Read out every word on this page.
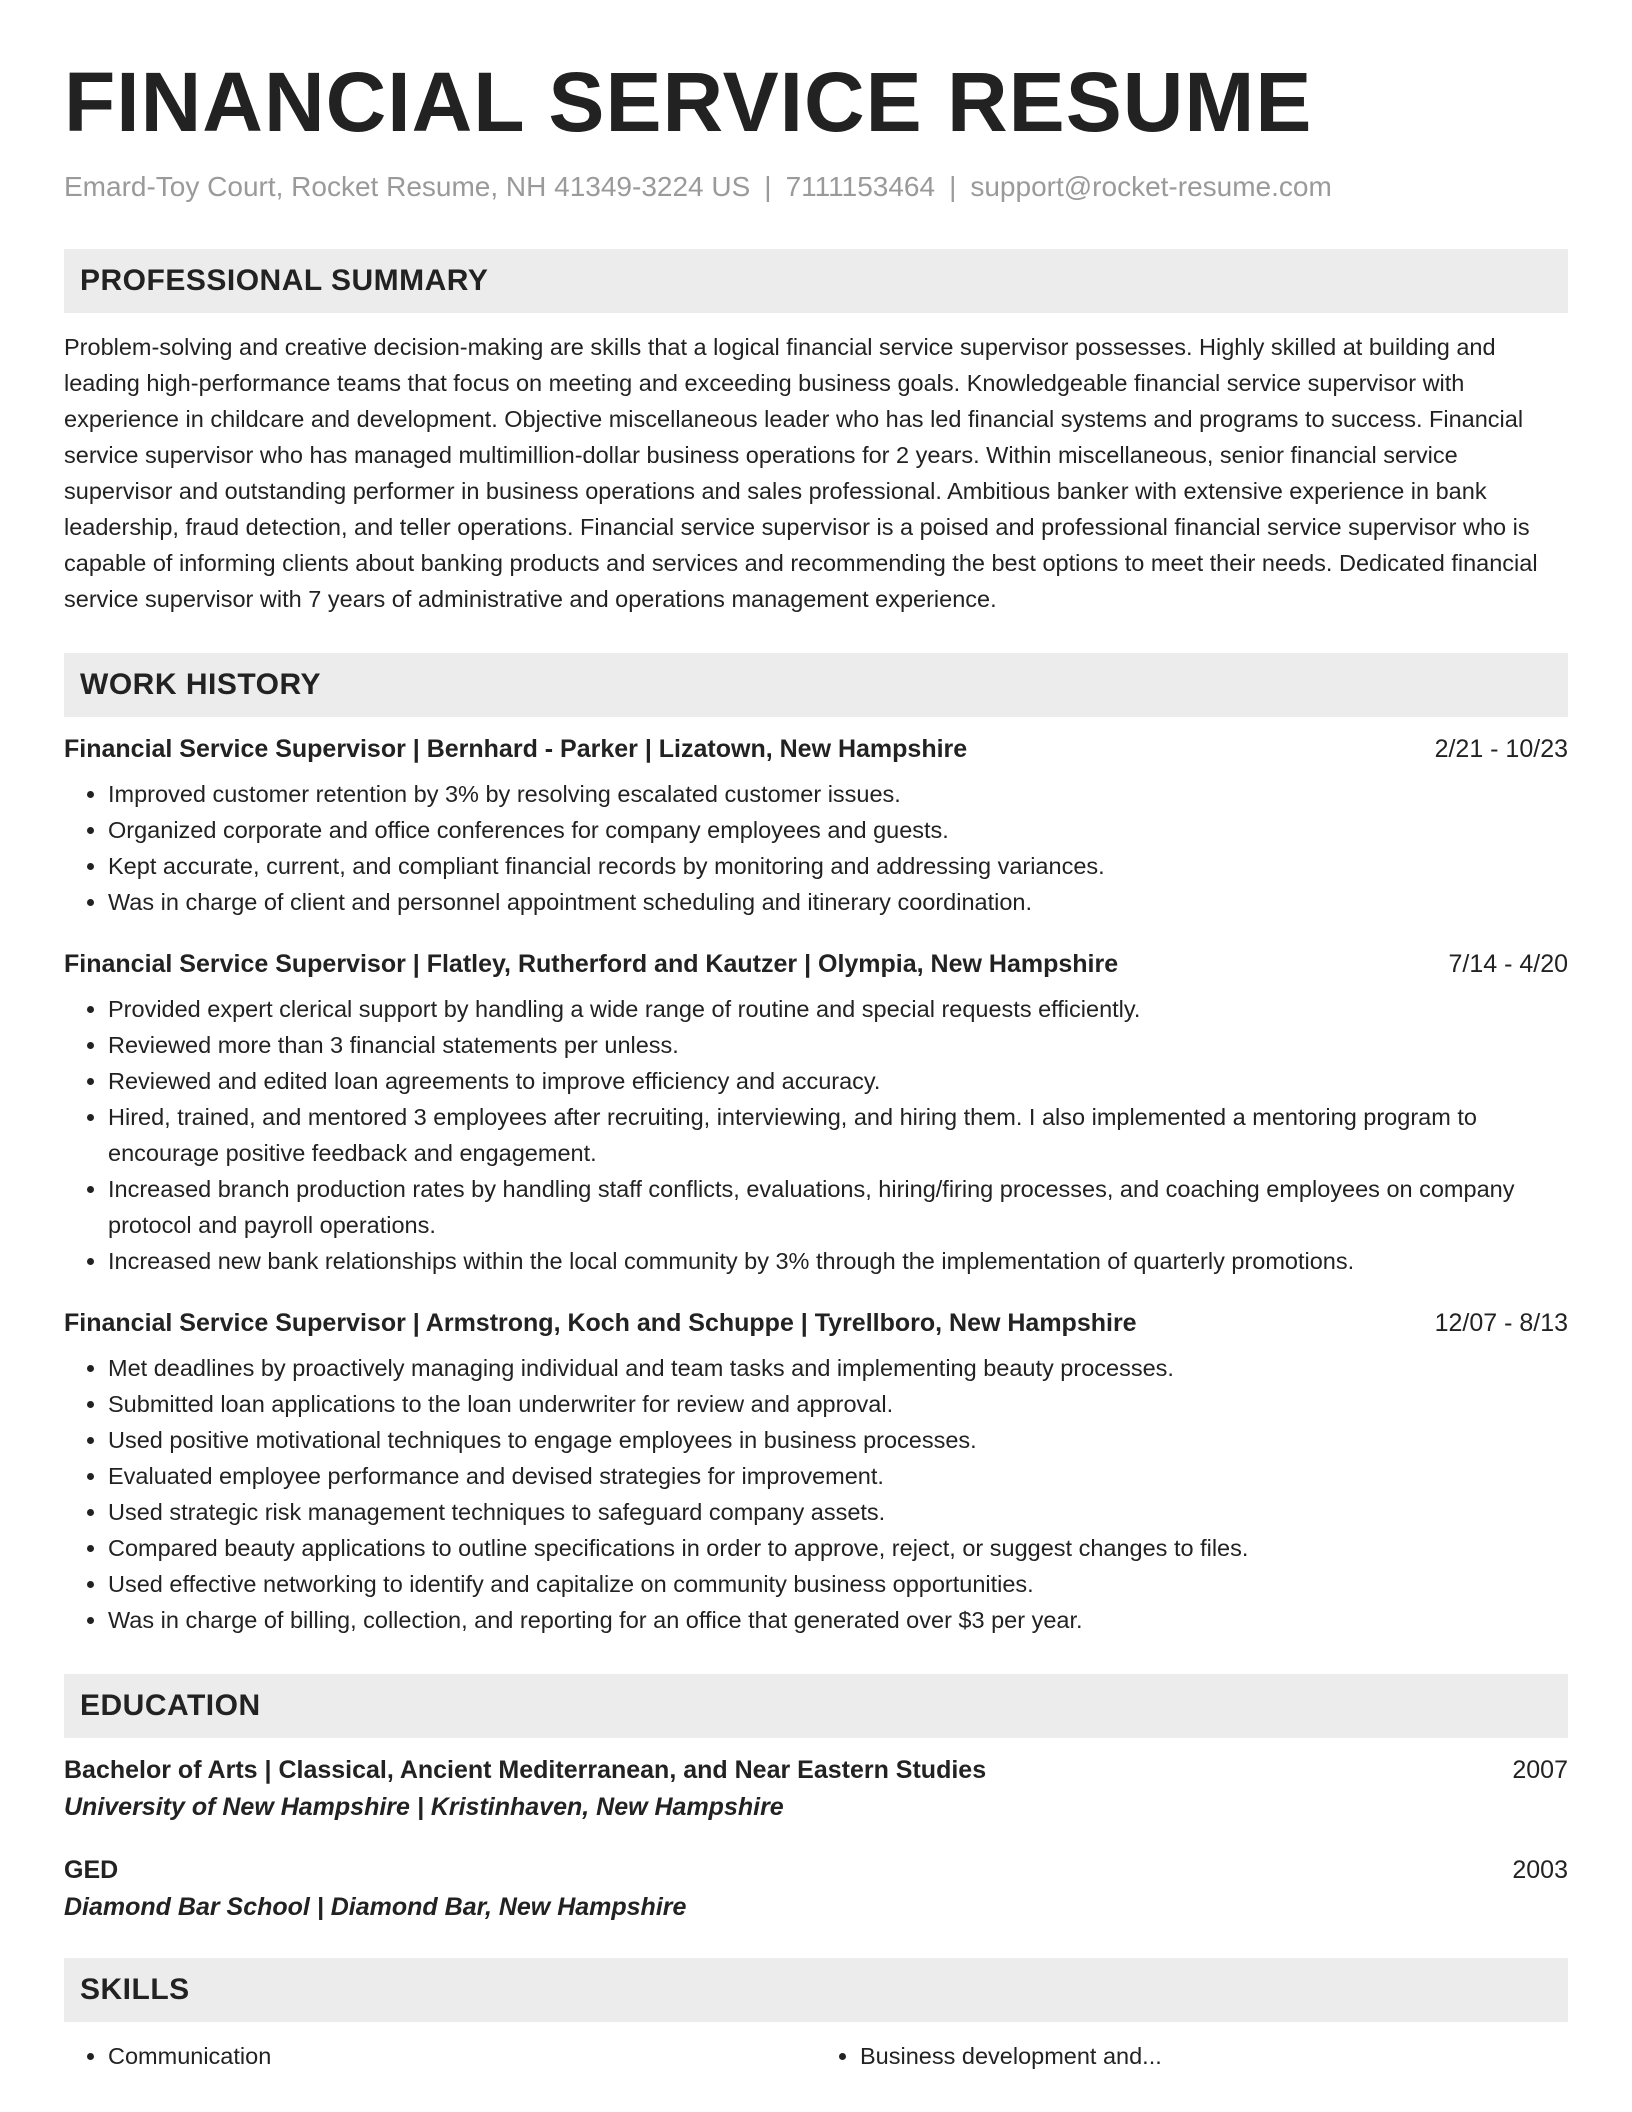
FINANCIAL SERVICE RESUME
Emard-Toy Court, Rocket Resume, NH 41349-3224 US | 7111153464 | support@rocket-resume.com
PROFESSIONAL SUMMARY
Problem-solving and creative decision-making are skills that a logical financial service supervisor possesses. Highly skilled at building and leading high-performance teams that focus on meeting and exceeding business goals. Knowledgeable financial service supervisor with experience in childcare and development. Objective miscellaneous leader who has led financial systems and programs to success. Financial service supervisor who has managed multimillion-dollar business operations for 2 years. Within miscellaneous, senior financial service supervisor and outstanding performer in business operations and sales professional. Ambitious banker with extensive experience in bank leadership, fraud detection, and teller operations. Financial service supervisor is a poised and professional financial service supervisor who is capable of informing clients about banking products and services and recommending the best options to meet their needs. Dedicated financial service supervisor with 7 years of administrative and operations management experience.
WORK HISTORY
Financial Service Supervisor | Bernhard - Parker | Lizatown, New Hampshire	2/21 - 10/23
• Improved customer retention by 3% by resolving escalated customer issues.
• Organized corporate and office conferences for company employees and guests.
• Kept accurate, current, and compliant financial records by monitoring and addressing variances.
• Was in charge of client and personnel appointment scheduling and itinerary coordination.
Financial Service Supervisor | Flatley, Rutherford and Kautzer | Olympia, New Hampshire	7/14 - 4/20
• Provided expert clerical support by handling a wide range of routine and special requests efficiently.
• Reviewed more than 3 financial statements per unless.
• Reviewed and edited loan agreements to improve efficiency and accuracy.
• Hired, trained, and mentored 3 employees after recruiting, interviewing, and hiring them. I also implemented a mentoring program to encourage positive feedback and engagement.
• Increased branch production rates by handling staff conflicts, evaluations, hiring/firing processes, and coaching employees on company protocol and payroll operations.
• Increased new bank relationships within the local community by 3% through the implementation of quarterly promotions.
Financial Service Supervisor | Armstrong, Koch and Schuppe | Tyrellboro, New Hampshire	12/07 - 8/13
• Met deadlines by proactively managing individual and team tasks and implementing beauty processes.
• Submitted loan applications to the loan underwriter for review and approval.
• Used positive motivational techniques to engage employees in business processes.
• Evaluated employee performance and devised strategies for improvement.
• Used strategic risk management techniques to safeguard company assets.
• Compared beauty applications to outline specifications in order to approve, reject, or suggest changes to files.
• Used effective networking to identify and capitalize on community business opportunities.
• Was in charge of billing, collection, and reporting for an office that generated over $3 per year.
EDUCATION
Bachelor of Arts | Classical, Ancient Mediterranean, and Near Eastern Studies	2007
University of New Hampshire | Kristinhaven, New Hampshire
GED	2003
Diamond Bar School | Diamond Bar, New Hampshire
SKILLS
• Communication
•	Business development and...
